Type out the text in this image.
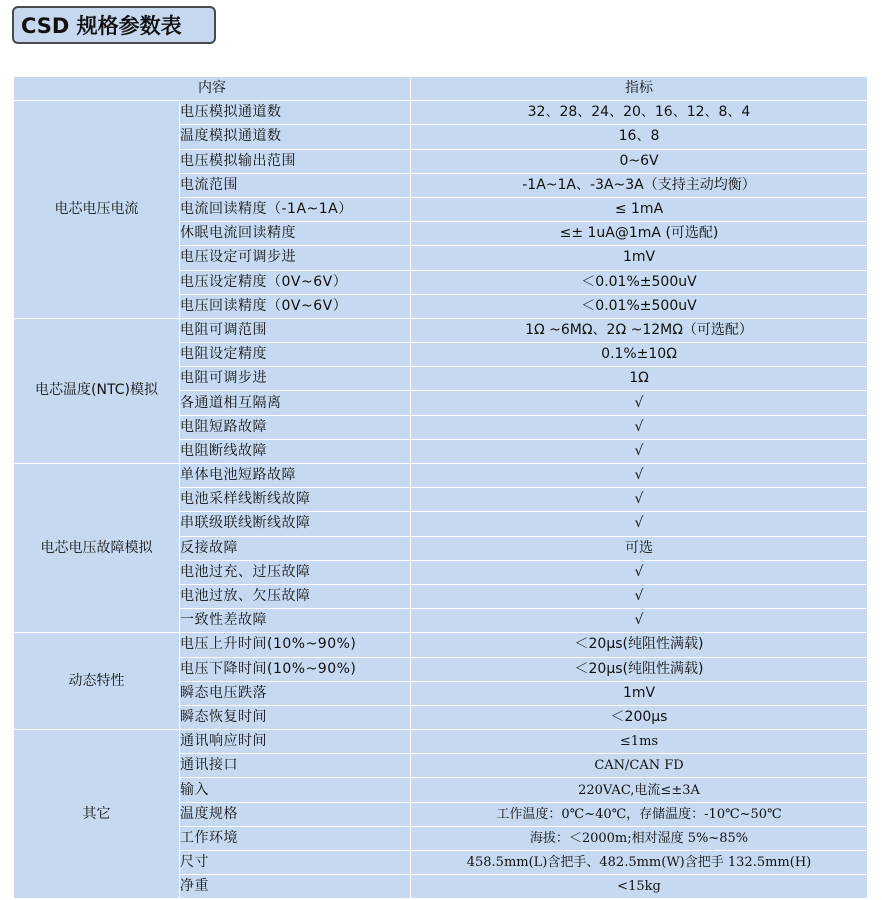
CSD 规格参数表
内容		指标
电芯电压电流	电压模拟通道数	32、28、24、20、16、12、8、4
	温度模拟通道数	16、8
	电压模拟输出范围	0~6V
	电流范围	-1A~1A、-3A~3A（支持主动均衡）
	电流回读精度（-1A~1A）	≤ 1mA
	休眠电流回读精度	≤± 1uA@1mA (可选配)
	电压设定可调步进	1mV
	电压设定精度（0V~6V）	＜0.01%±500uV
	电压回读精度（0V~6V）	＜0.01%±500uV
电芯温度(NTC)模拟	电阻可调范围	1Ω ~6MΩ、2Ω ~12MΩ（可选配）
	电阻设定精度	0.1%±10Ω
	电阻可调步进	1Ω
	各通道相互隔离	√
	电阻短路故障	√
	电阻断线故障	√
电芯电压故障模拟	单体电池短路故障	√
	电池采样线断线故障	√
	串联级联线断线故障	√
	反接故障	可选
	电池过充、过压故障	√
	电池过放、欠压故障	√
	一致性差故障	√
动态特性	电压上升时间(10%~90%)	＜20μs(纯阻性满载)
	电压下降时间(10%~90%)	＜20μs(纯阻性满载)
	瞬态电压跌落	1mV
	瞬态恢复时间	＜200μs
其它	通讯响应时间	≤1ms
	通讯接口	CAN/CAN FD
	输入	220VAC,电流≤±3A
	温度规格	工作温度：0℃~40℃，存储温度：-10℃~50℃
	工作环境	海拔：＜2000m;相对湿度 5%~85%
	尺寸	458.5mm(L)含把手、482.5mm(W)含把手 132.5mm(H)
	净重	<15kg
